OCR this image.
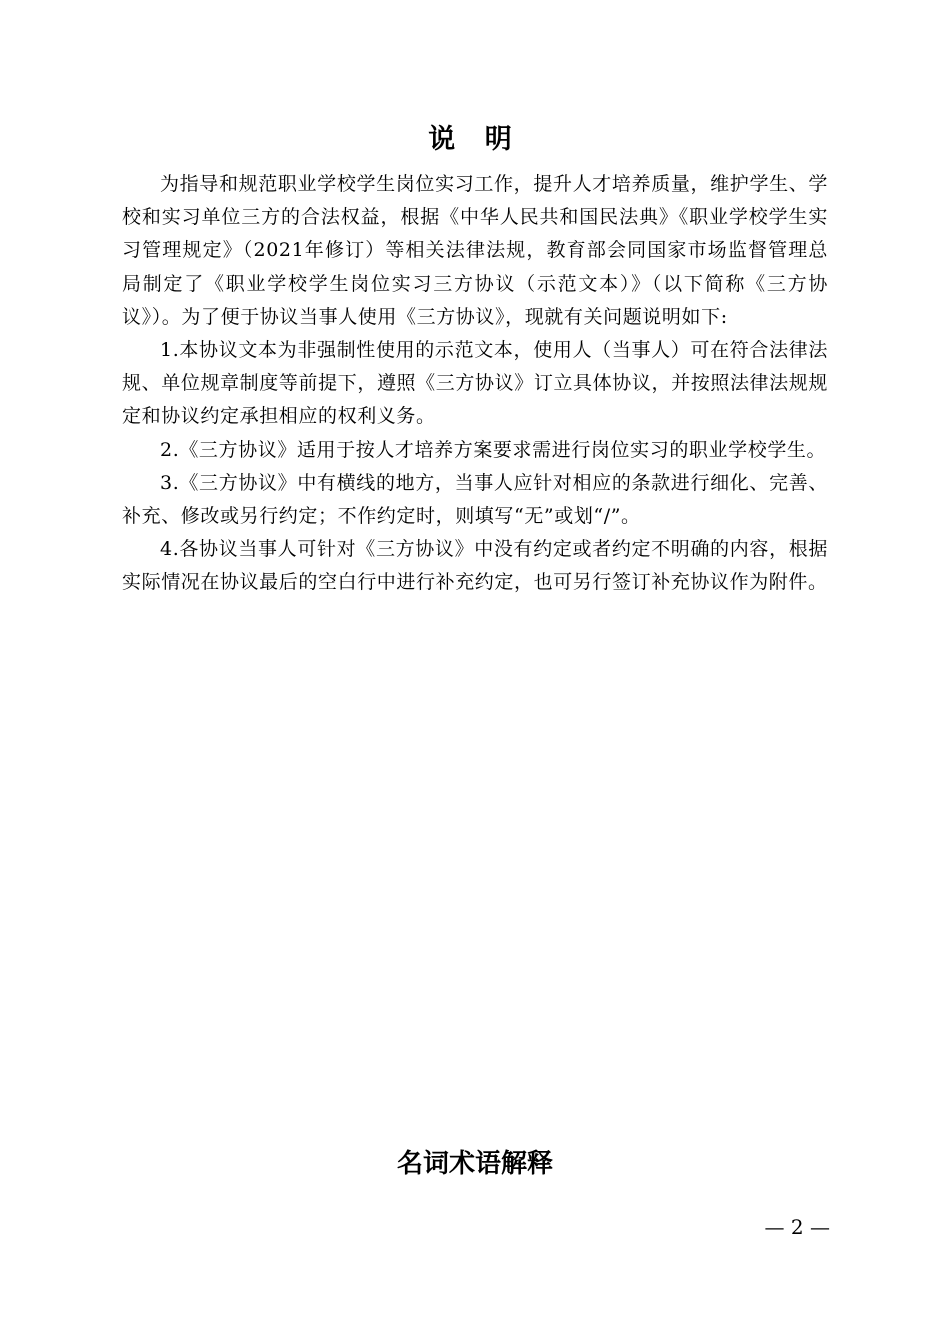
说 明

为指导和规范职业学校学生岗位实习工作，提升人才培养质量，维护学生、学校和实习单位三方的合法权益，根据《中华人民共和国民法典》《职业学校学生实习管理规定》（2021年修订）等相关法律法规，教育部会同国家市场监督管理总局制定了《职业学校学生岗位实习三方协议（示范文本）》（以下简称《三方协议》）。为了便于协议当事人使用《三方协议》，现就有关问题说明如下:

1.本协议文本为非强制性使用的示范文本，使用人（当事人）可在符合法律法规、单位规章制度等前提下，遵照《三方协议》订立具体协议，并按照法律法规规定和协议约定承担相应的权利义务。

2.《三方协议》适用于按人才培养方案要求需进行岗位实习的职业学校学生。

3.《三方协议》中有横线的地方，当事人应针对相应的条款进行细化、完善、补充、修改或另行约定；不作约定时，则填写“无”或划“/”。

4.各协议当事人可针对《三方协议》中没有约定或者约定不明确的内容，根据实际情况在协议最后的空白行中进行补充约定，也可另行签订补充协议作为附件。

名词术语解释
— 2 —
